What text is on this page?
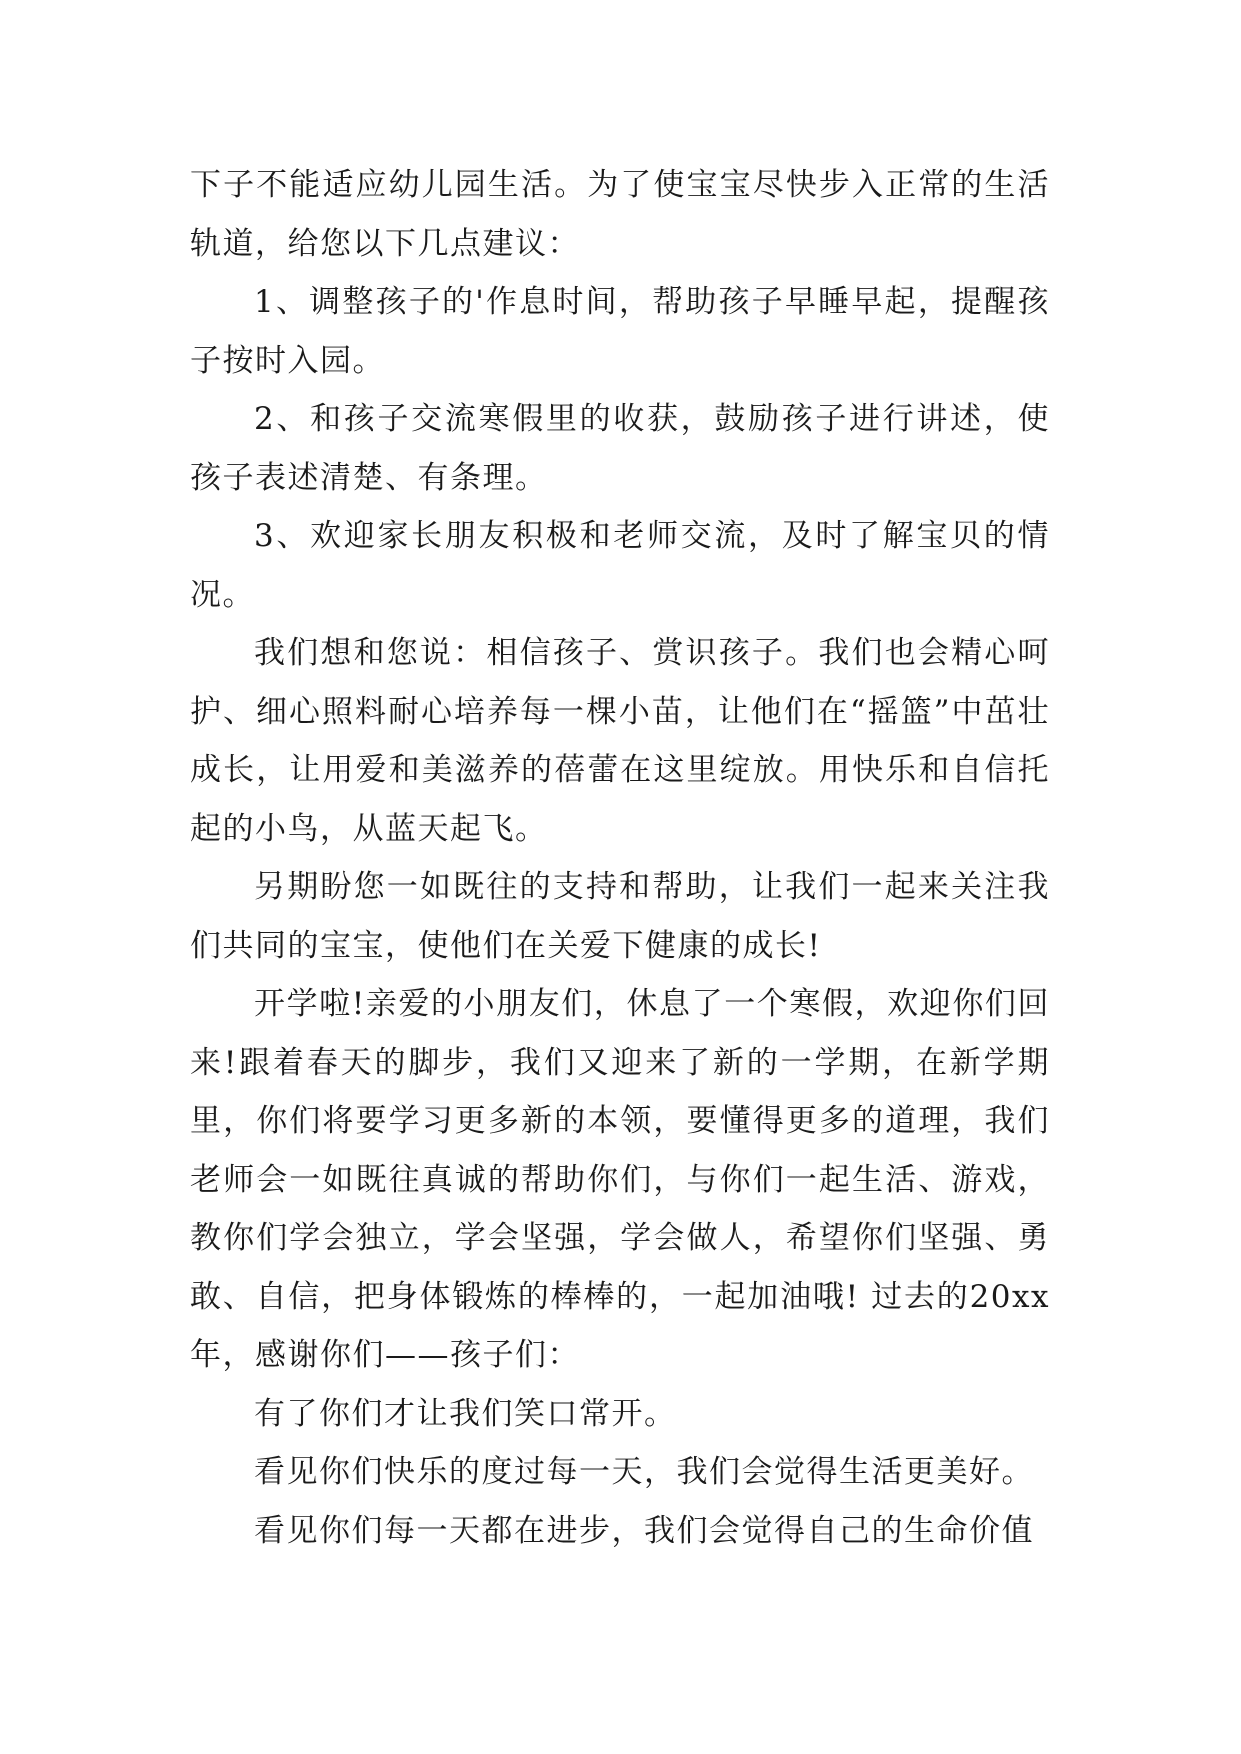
下子不能适应幼儿园生活。为了使宝宝尽快步入正常的生活轨道，给您以下几点建议：

1、调整孩子的'作息时间，帮助孩子早睡早起，提醒孩子按时入园。

2、和孩子交流寒假里的收获，鼓励孩子进行讲述，使孩子表述清楚、有条理。

3、欢迎家长朋友积极和老师交流，及时了解宝贝的情况。

我们想和您说：相信孩子、赏识孩子。我们也会精心呵护、细心照料耐心培养每一棵小苗，让他们在“摇篮”中茁壮成长，让用爱和美滋养的蓓蕾在这里绽放。用快乐和自信托起的小鸟，从蓝天起飞。

另期盼您一如既往的支持和帮助，让我们一起来关注我们共同的宝宝，使他们在关爱下健康的成长!

开学啦!亲爱的小朋友们，休息了一个寒假，欢迎你们回来!跟着春天的脚步，我们又迎来了新的一学期，在新学期里，你们将要学习更多新的本领，要懂得更多的道理，我们老师会一如既往真诚的帮助你们，与你们一起生活、游戏，教你们学会独立，学会坚强，学会做人，希望你们坚强、勇敢、自信，把身体锻炼的棒棒的，一起加油哦! 过去的20xx年，感谢你们——孩子们：

有了你们才让我们笑口常开。

看见你们快乐的度过每一天，我们会觉得生活更美好。

看见你们每一天都在进步，我们会觉得自己的生命价值
